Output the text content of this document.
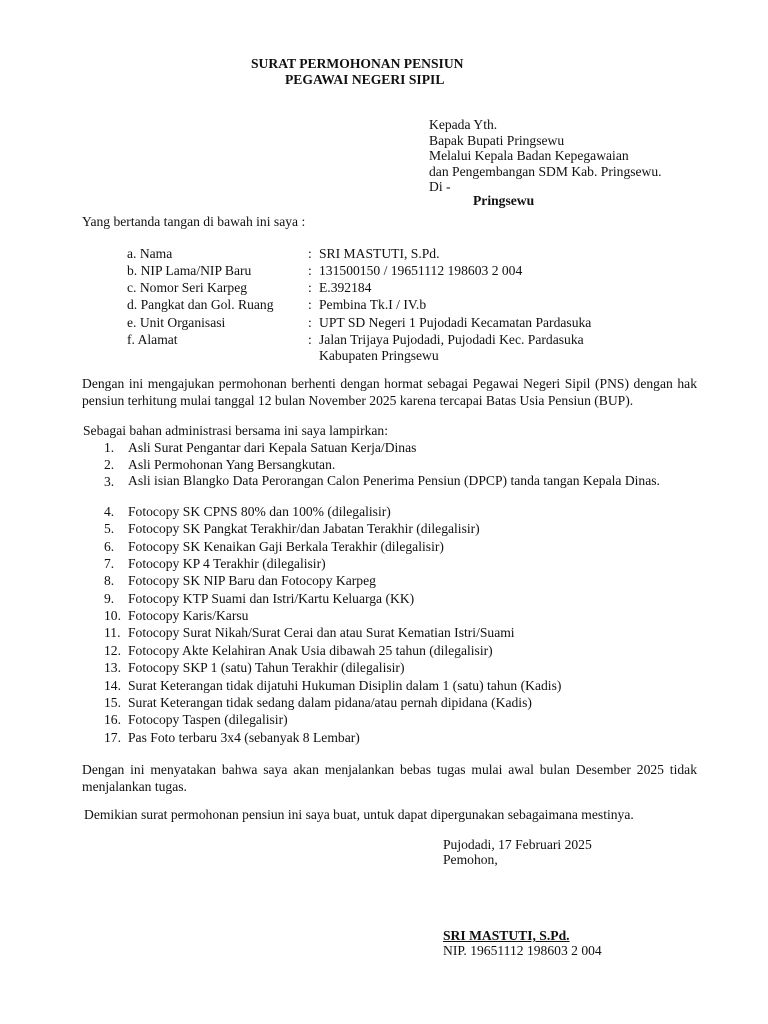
SURAT PERMOHONAN PENSIUN
PEGAWAI NEGERI SIPIL
Kepada Yth.
Bapak Bupati Pringsewu
Melalui Kepala Badan Kepegawaian
dan Pengembangan SDM Kab. Pringsewu.
Di -
Pringsewu
Yang bertanda tangan di bawah ini saya :
a. Nama	: SRI MASTUTI, S.Pd.
b. NIP Lama/NIP Baru	: 131500150 / 19651112 198603 2 004
c. Nomor Seri Karpeg	: E.392184
d. Pangkat dan Gol. Ruang	: Pembina Tk.I / IV.b
e. Unit Organisasi	: UPT SD Negeri 1 Pujodadi Kecamatan Pardasuka
f. Alamat	: Jalan Trijaya Pujodadi, Pujodadi Kec. Pardasuka
Kabupaten Pringsewu
Dengan ini mengajukan permohonan berhenti dengan hormat sebagai Pegawai Negeri Sipil (PNS) dengan hak pensiun terhitung mulai tanggal 12 bulan November 2025 karena tercapai Batas Usia Pensiun (BUP).
Sebagai bahan administrasi bersama ini saya lampirkan:
1. Asli Surat Pengantar dari Kepala Satuan Kerja/Dinas
2. Asli Permohonan Yang Bersangkutan.
3. Asli isian Blangko Data Perorangan Calon Penerima Pensiun (DPCP) tanda tangan Kepala Dinas.
4. Fotocopy SK CPNS 80% dan 100% (dilegalisir)
5. Fotocopy SK Pangkat Terakhir/dan Jabatan Terakhir (dilegalisir)
6. Fotocopy SK Kenaikan Gaji Berkala Terakhir (dilegalisir)
7. Fotocopy KP 4 Terakhir (dilegalisir)
8. Fotocopy SK NIP Baru dan Fotocopy Karpeg
9. Fotocopy KTP Suami dan Istri/Kartu Keluarga (KK)
10. Fotocopy Karis/Karsu
11. Fotocopy Surat Nikah/Surat Cerai dan atau Surat Kematian Istri/Suami
12. Fotocopy Akte Kelahiran Anak Usia dibawah 25 tahun (dilegalisir)
13. Fotocopy SKP 1 (satu) Tahun Terakhir (dilegalisir)
14. Surat Keterangan tidak dijatuhi Hukuman Disiplin dalam 1 (satu) tahun (Kadis)
15. Surat Keterangan tidak sedang dalam pidana/atau pernah dipidana (Kadis)
16. Fotocopy Taspen (dilegalisir)
17. Pas Foto terbaru 3x4 (sebanyak 8 Lembar)
Dengan ini menyatakan bahwa saya akan menjalankan bebas tugas mulai awal bulan Desember 2025 tidak menjalankan tugas.
Demikian surat permohonan pensiun ini saya buat, untuk dapat dipergunakan sebagaimana mestinya.
Pujodadi, 17 Februari 2025
Pemohon,
SRI MASTUTI, S.Pd.
NIP. 19651112 198603 2 004
